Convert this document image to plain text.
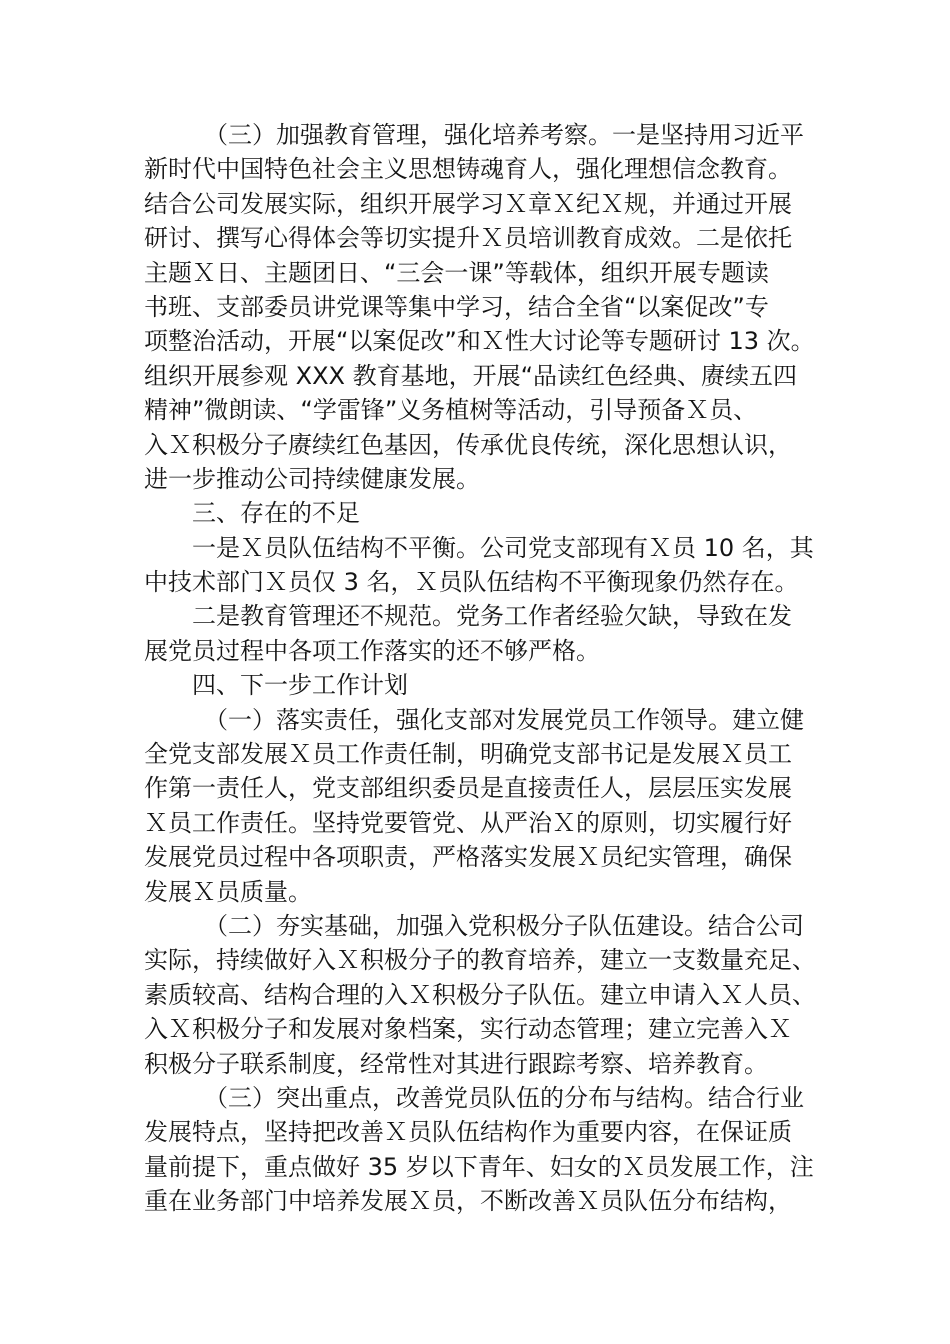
（三）加强教育管理，强化培养考察。一是坚持用习近平
新时代中国特色社会主义思想铸魂育人，强化理想信念教育。
结合公司发展实际，组织开展学习Ｘ章Ｘ纪Ｘ规，并通过开展
研讨、撰写心得体会等切实提升Ｘ员培训教育成效。二是依托
主题Ｘ日、主题团日、“三会一课”等载体，组织开展专题读
书班、支部委员讲党课等集中学习，结合全省“以案促改”专
项整治活动，开展“以案促改”和Ｘ性大讨论等专题研讨 13 次。
组织开展参观 XXX 教育基地，开展“品读红色经典、赓续五四
精神”微朗读、“学雷锋”义务植树等活动，引导预备Ｘ员、
入Ｘ积极分子赓续红色基因，传承优良传统，深化思想认识，
进一步推动公司持续健康发展。
三、存在的不足
一是Ｘ员队伍结构不平衡。公司党支部现有Ｘ员 10 名，其
中技术部门Ｘ员仅 3 名，Ｘ员队伍结构不平衡现象仍然存在。
二是教育管理还不规范。党务工作者经验欠缺，导致在发
展党员过程中各项工作落实的还不够严格。
四、下一步工作计划
（一）落实责任，强化支部对发展党员工作领导。建立健
全党支部发展Ｘ员工作责任制，明确党支部书记是发展Ｘ员工
作第一责任人，党支部组织委员是直接责任人，层层压实发展
Ｘ员工作责任。坚持党要管党、从严治Ｘ的原则，切实履行好
发展党员过程中各项职责，严格落实发展Ｘ员纪实管理，确保
发展Ｘ员质量。
（二）夯实基础，加强入党积极分子队伍建设。结合公司
实际，持续做好入Ｘ积极分子的教育培养，建立一支数量充足、
素质较高、结构合理的入Ｘ积极分子队伍。建立申请入Ｘ人员、
入Ｘ积极分子和发展对象档案，实行动态管理；建立完善入Ｘ
积极分子联系制度，经常性对其进行跟踪考察、培养教育。
（三）突出重点，改善党员队伍的分布与结构。结合行业
发展特点，坚持把改善Ｘ员队伍结构作为重要内容，在保证质
量前提下，重点做好 35 岁以下青年、妇女的Ｘ员发展工作，注
重在业务部门中培养发展Ｘ员，不断改善Ｘ员队伍分布结构，
